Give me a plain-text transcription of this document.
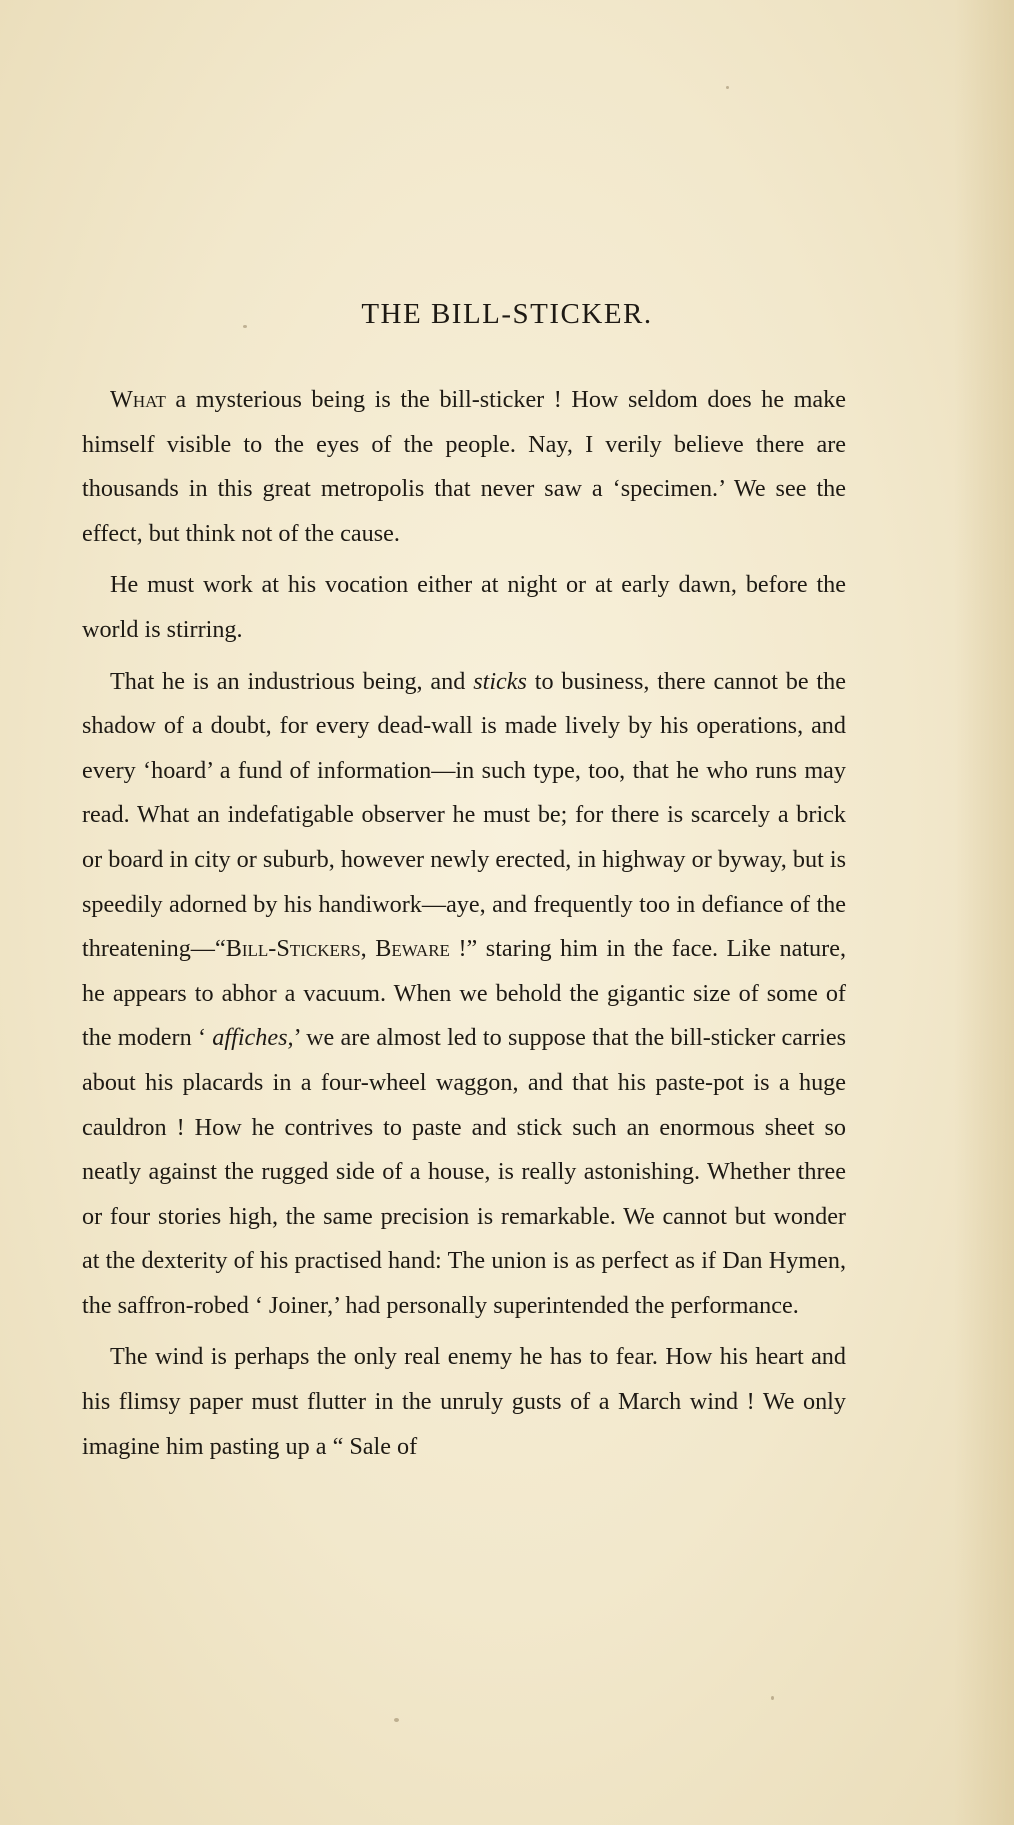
THE BILL-STICKER.

What a mysterious being is the bill-sticker ! How seldom does he make himself visible to the eyes of the people. Nay, I verily believe there are thousands in this great metropolis that never saw a ‘specimen.’ We see the effect, but think not of the cause.

He must work at his vocation either at night or at early dawn, before the world is stirring.

That he is an industrious being, and sticks to business, there cannot be the shadow of a doubt, for every dead-wall is made lively by his operations, and every ‘hoard’ a fund of information—in such type, too, that he who runs may read. What an indefatigable observer he must be; for there is scarcely a brick or board in city or suburb, however newly erected, in highway or byway, but is speedily adorned by his handiwork—aye, and frequently too in defiance of the threatening—“Bill-Stickers, Beware !” staring him in the face. Like nature, he appears to abhor a vacuum. When we behold the gigantic size of some of the modern ‘ affiches,’ we are almost led to suppose that the bill-sticker carries about his placards in a four-wheel waggon, and that his paste-pot is a huge cauldron ! How he contrives to paste and stick such an enormous sheet so neatly against the rugged side of a house, is really astonishing. Whether three or four stories high, the same precision is remarkable. We cannot but wonder at the dexterity of his practised hand: The union is as perfect as if Dan Hymen, the saffron-robed ‘ Joiner,’ had personally superintended the performance.

The wind is perhaps the only real enemy he has to fear. How his heart and his flimsy paper must flutter in the unruly gusts of a March wind ! We only imagine him pasting up a “ Sale of
